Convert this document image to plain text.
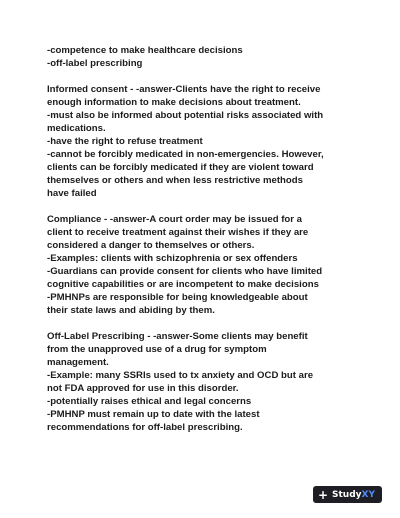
-competence to make healthcare decisions
-off-label prescribing
Informed consent - -answer-Clients have the right to receive
enough information to make decisions about treatment.
-must also be informed about potential risks associated with
medications.
-have the right to refuse treatment
-cannot be forcibly medicated in non-emergencies. However,
clients can be forcibly medicated if they are violent toward
themselves or others and when less restrictive methods
have failed
Compliance - -answer-A court order may be issued for a
client to receive treatment against their wishes if they are
considered a danger to themselves or others.
-Examples: clients with schizophrenia or sex offenders
-Guardians can provide consent for clients who have limited
cognitive capabilities or are incompetent to make decisions
-PMHNPs are responsible for being knowledgeable about
their state laws and abiding by them.
Off-Label Prescribing - -answer-Some clients may benefit
from the unapproved use of a drug for symptom
management.
-Example: many SSRIs used to tx anxiety and OCD but are
not FDA approved for use in this disorder.
-potentially raises ethical and legal concerns
-PMHNP must remain up to date with the latest
recommendations for off-label prescribing.
+ Study XY
